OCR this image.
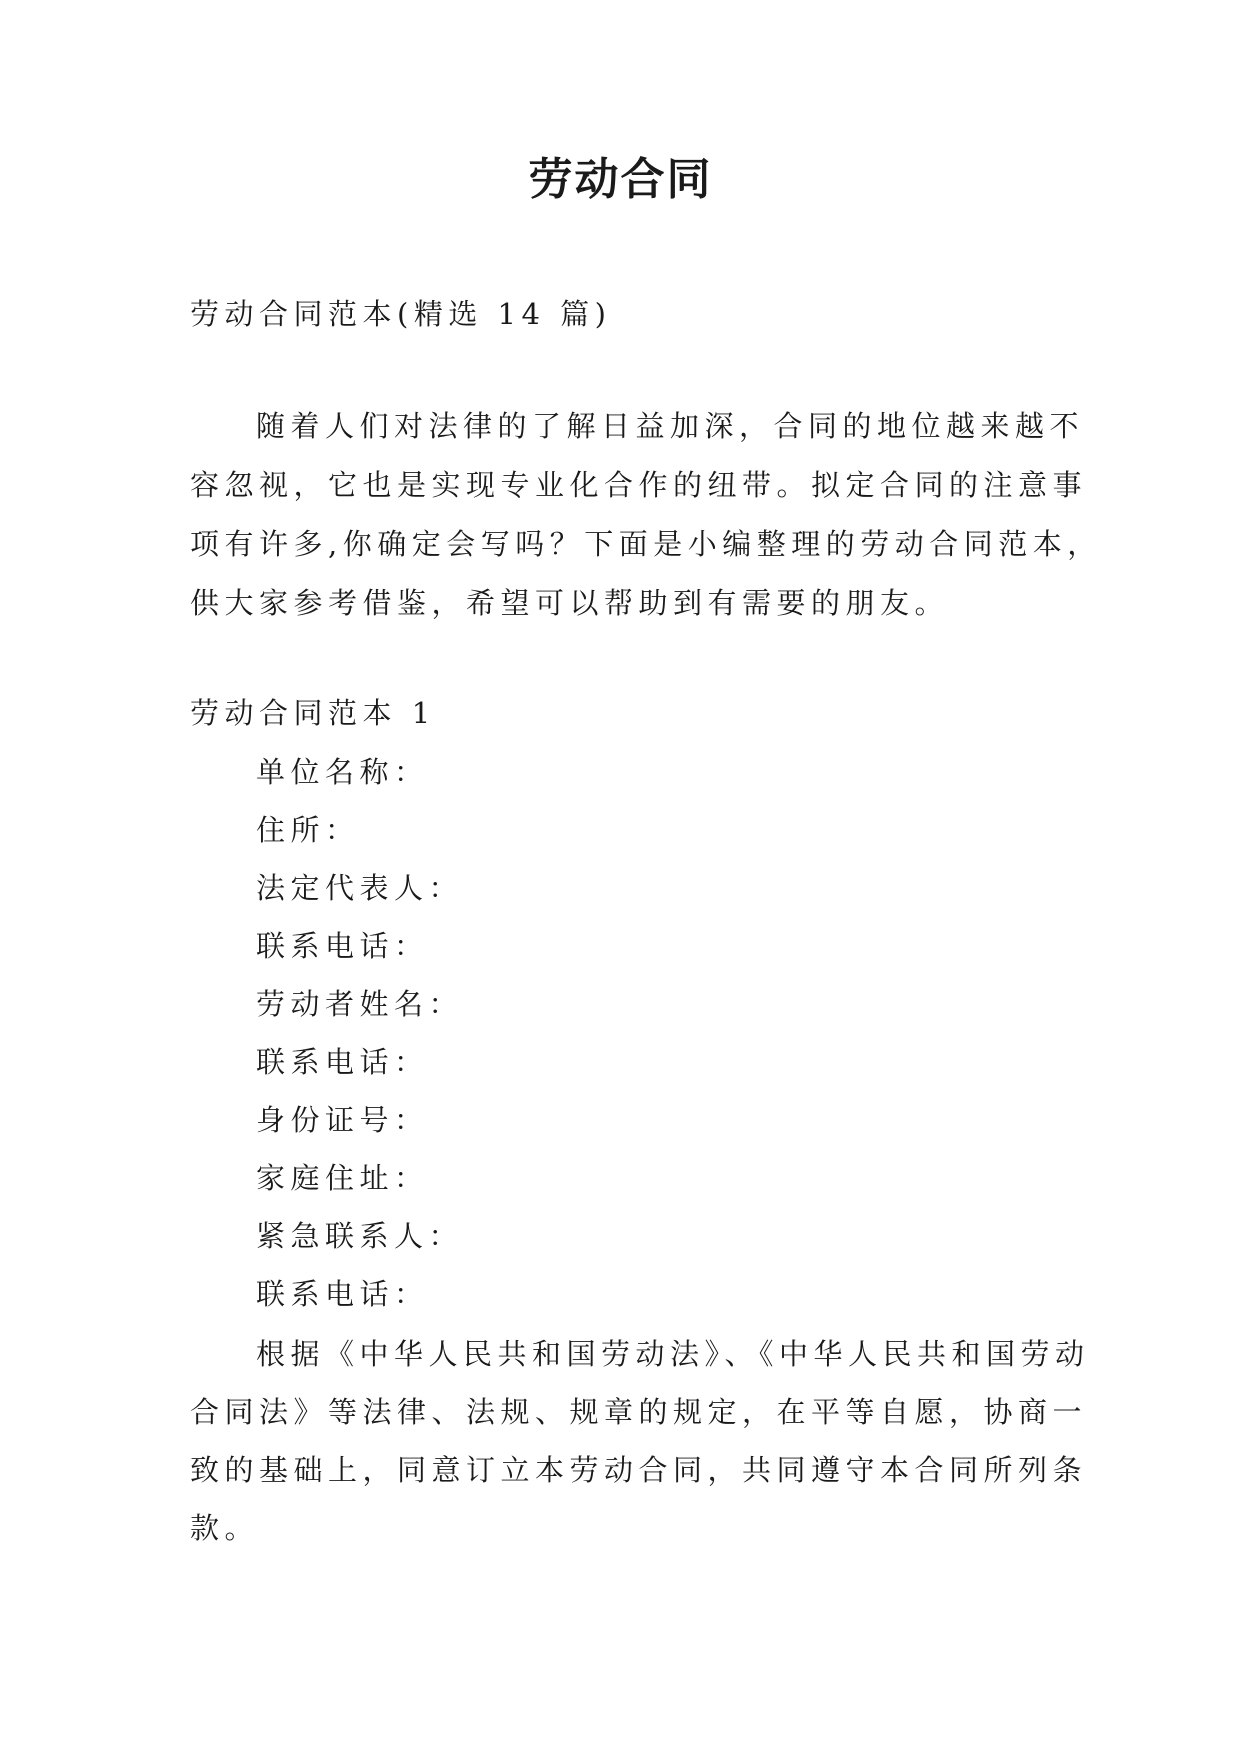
劳动合同
劳动合同范本(精选 14 篇)
随着人们对法律的了解日益加深，合同的地位越来越不
容忽视，它也是实现专业化合作的纽带。拟定合同的注意事
项有许多,你确定会写吗？下面是小编整理的劳动合同范本，
供大家参考借鉴，希望可以帮助到有需要的朋友。
劳动合同范本 1
单位名称：
住所：
法定代表人：
联系电话：
劳动者姓名：
联系电话：
身份证号：
家庭住址：
紧急联系人：
联系电话：
根据《中华人民共和国劳动法》、《中华人民共和国劳动
合同法》等法律、法规、规章的规定，在平等自愿，协商一
致的基础上，同意订立本劳动合同，共同遵守本合同所列条
款。
